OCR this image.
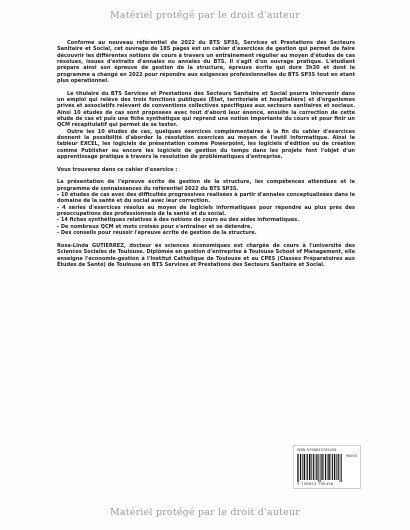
Matériel protégé par le droit d'auteur

Conforme au nouveau référentiel de 2022 du BTS SP3S, Services et Prestations des Secteurs Sanitaire et Social, cet ouvrage de 185 pages est un cahier d'exercices de gestion qui permet de faire découvrir les différentes notions de cours à travers un entrainement régulier au moyen d'études de cas résolues, issues d'extraits d'annales ou annales du BTS. Il s'agit d'un ouvrage pratique. L'étudiant prépare ainsi son épreuve de gestion de la structure, épreuve écrite qui dure 3h30 et dont le programme a changé en 2022 pour répondre aux exigences professionnelles du BTS SP3S tout en étant plus opérationnel.

Le titulaire du BTS Services et Prestations des Secteurs Sanitaire et Social pourra intervenir dans un emploi qui relève des trois fonctions publiques (État, territoriale et hospitalière) et d'organismes privés et associatifs relevant de conventions collectives spécifiques aux secteurs sanitaires et sociaux. Ainsi 10 études de cas sont proposées avec tout d'abord leur énoncé, ensuite la correction de cette étude de cas et puis une fiche synthétique qui reprend une notion importante du cours et pour finir un QCM récapitulatif qui permet de se tester.

Outre les 10 études de cas, quelques exercices complémentaires à la fin du cahier d'exercices donnent la possibilité d'aborder la résolution exercices au moyen de l'outil informatique. Ainsi le tableur EXCEL, les logiciels de présentation comme Powerpoint, les logiciels d'édition ou de création comme Publisher ou encore les logiciels de gestion du temps dans les projets font l'objet d'un apprentissage pratique à travers la résolution de problématiques d'entreprise.

Vous trouverez dans ce cahier d'exercice :

La présentation de l'épreuve écrite de gestion de la structure, les compétences attendues et le programme de connaissances du référentiel 2022 du BTS SP3S.

- 10 études de cas avec des difficultés progressives réalisées à partir d'annales conceptualisées dans le domaine de la santé et du social avec leur correction.

- 4 séries d'exercices résolus au moyen de logiciels informatiques pour répondre au plus près des préoccupations des professionnels de la santé et du social.

- 14 fiches synthétiques relatives à des notions de cours ou des aides informatiques.

- De nombreux QCM et mots croisés pour s'entraîner et se détendre.

- Des conseils pour réussir l'épreuve écrite de gestion de la structure.

Rosa-Linda GUTIERREZ, docteur ès sciences économiques est chargée de cours à l'université des Sciences Sociales de Toulouse. Diplômée en gestion d'entreprise à Toulouse School of Management, elle enseigne l'économie-gestion à l'Institut Catholique de Toulouse et au CPES (Classes Préparatoires aux Études de Santé) de Toulouse en BTS Services et Prestations des Secteurs Sanitaire et Social.

ISBN 9798853792456
90000
9 798853 792456
Matériel protégé par le droit d'auteur
